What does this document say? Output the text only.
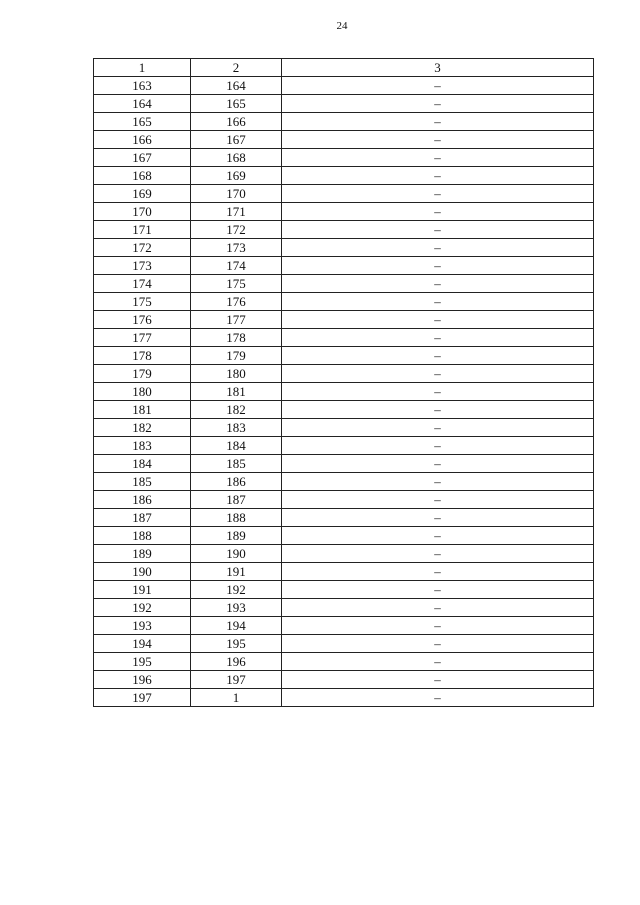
24
1	2	3
163	164	–
164	165	–
165	166	–
166	167	–
167	168	–
168	169	–
169	170	–
170	171	–
171	172	–
172	173	–
173	174	–
174	175	–
175	176	–
176	177	–
177	178	–
178	179	–
179	180	–
180	181	–
181	182	–
182	183	–
183	184	–
184	185	–
185	186	–
186	187	–
187	188	–
188	189	–
189	190	–
190	191	–
191	192	–
192	193	–
193	194	–
194	195	–
195	196	–
196	197	–
197	1	–
